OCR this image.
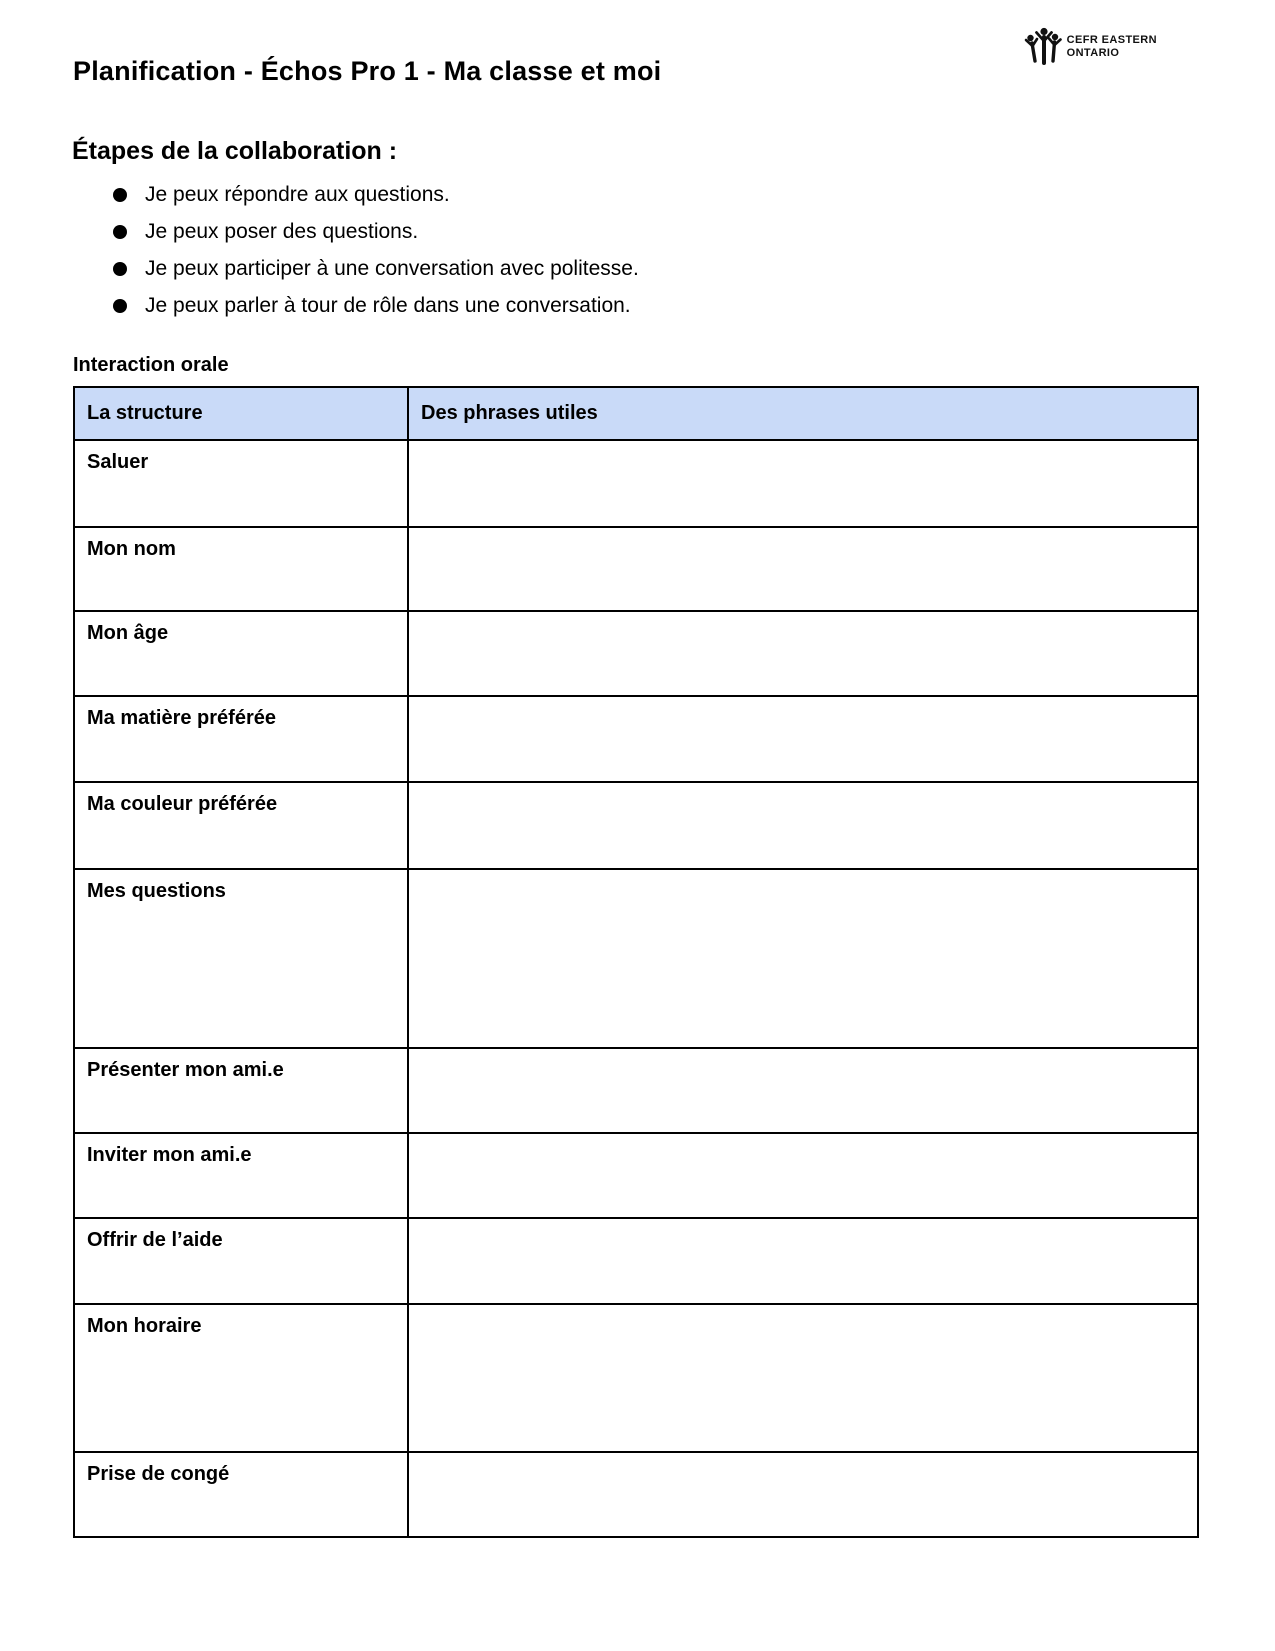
CEFR EASTERN
ONTARIO
Planification - Échos Pro 1 - Ma classe et moi
Étapes de la collaboration :
Je peux répondre aux questions.
Je peux poser des questions.
Je peux participer à une conversation avec politesse.
Je peux parler à tour de rôle dans une conversation.
Interaction orale
La structure	Des phrases utiles
Saluer	
Mon nom	
Mon âge	
Ma matière préférée	
Ma couleur préférée	
Mes questions	
Présenter mon ami.e	
Inviter mon ami.e	
Offrir de l’aide	
Mon horaire	
Prise de congé	
